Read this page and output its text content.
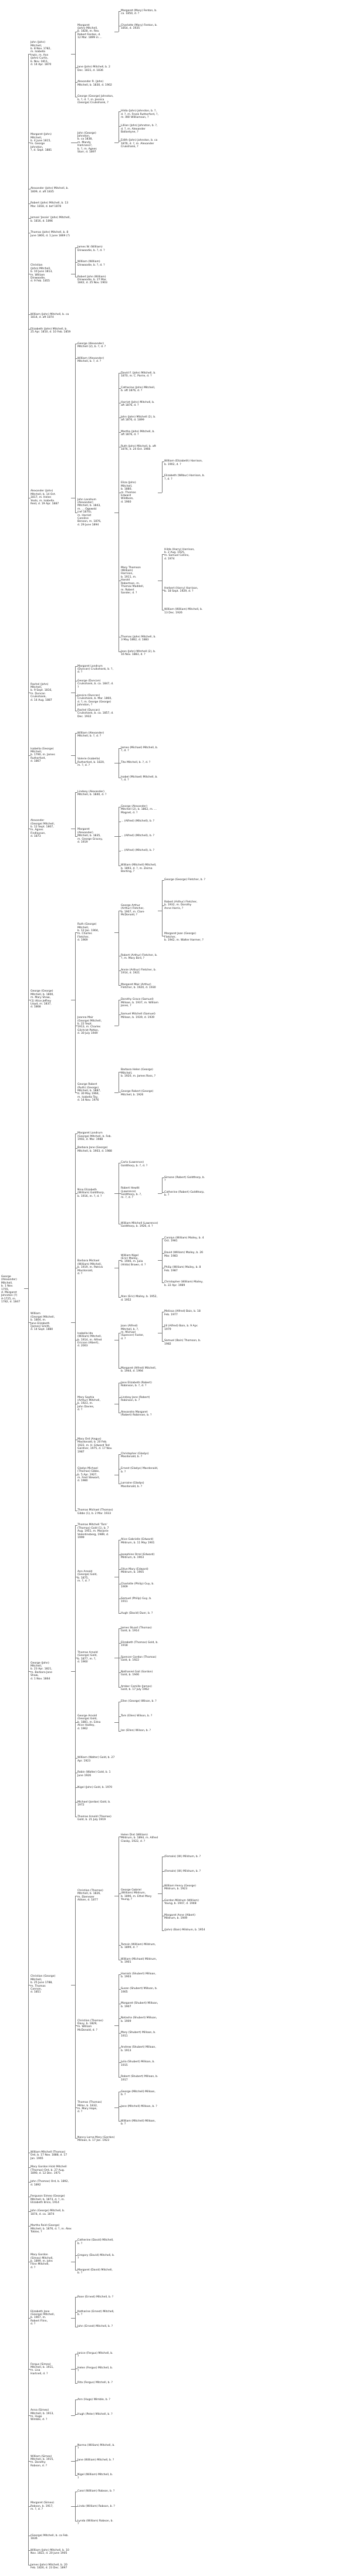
George (Alexander)
Mitchell,
b. 1 Nov.
1755,
d. Margaret
Johnston (?)
A-1725, m.
1782, d. 1847
John (John)
Mitchell,
b. 8 Nov. 1782,
m. Isabella
Irwin, m. Ann
(John) Curtis,
b. Nov. 1811,
d. 14 Apr. 1870
Margaret
(John) Mitchell,
b. 1828, m. Rev.
Robert Fenton, d.
12 Mar. 1899 in ...
Margaret (Mary) Fenton, b. ca. 1850, d. ?
Charlotte (Mary) Fenton, b. 1854, d. 1935
Jane (John) Mitchell, b. 2 Dec. 1831, d. 1836
Alexander R. (John) Mitchell, b. 1830, d. 1902
George (George) Johnston, b. ?, d. ?, m. Jessica (George) Cruikshank, ?
Margaret (John)
Mitchell,
b. 4 June 1815,
m. George
Johnston,
?, d. Sept. 1881
John (George)
Johnston,
b. ca 1838,
m. Mandy
Harkness?,
b. ?, m. Agnes
Starr, d. 1897
Hilda (John) Johnston, b. ?, d. ?, m. Frank Rutherford, ?, m. Will Williamson, ?
Lillian (John) Johnston, b. ?, d. ?, m. Alexander Ballantyne, ?
Edith (John) Johnston, b. ca 1876, d. ?, m. Alexander Crukshank, ?
Alexander (John) Mitchell, b. 1809, d. aft 1835
Robert (John) Mitchell, b. 13 Mar. 1818, d. bef 1878
Jemsel 'Jessie' (John) Mitchell, b. 1816, d. 1896
Thomas (John) Mitchell, b. 8 June 1800, d. 1 June 1869 (?)
Christian
(John) Mitchell,
b. 10 June 1813,
m. William
Dinwoodie,
d. 9 Feb. 1855
James W. (William) Dinwoodie, b. ?, d. ?
William (William) Dinwoodie, b. ?, d. ?
Robert John (William) Dinwoodie, b. 27 Mar. 1842, d. 25 Nov. 1903
William (John) Mitchell, b. ca 1814, d. aft 1874
Elizabeth (John) Mitchell, b. 25 Apr. 1810, d. 10 Feb. 1859
Alexander (John)
Mitchell, b. 14 Oct.
1817, m. Helen
Yeats, m. Isabella
Reid, d. 19 Apr. 1887
George (Alexander) Mitchell (2), b. ?, d. ?
William (Alexander) Mitchell, b. ?, d. ?
John Landrum
(Alexander)
Mitchell, b. 1843,
m. ... Ogowski
(ref 1870),
m. Harriet
Caroline
Benson, m. 1876,
d. 29 June 1894
David F. (John) Mitchell, b. 1870, m. C. Parrie, d. ?
Catharine (John) Mitchell, b. aft 1876, d. ?
Harriet (John) Mitchell, b. aft 1876, d. ?
John (John) Mitchell (2), b. aft 1876, d. 1899
Martha (John) Mitchell, b. aft 1876, d. ?
Ruth (John) Mitchell, b. aft 1876, d. 24 Oct. 1966
Eliza (John)
Mitchell,
b. 1880,
m. Thomas
Edward
Wildbore,
d. 1960
William (Elizabeth) Harrison, b. 1902, d. ?
Elizabeth (Wilbur) Harrison, b. ?, d. ?
Mary Thomson
(William)
Harrison,
b. 1911, m.
Harold
Robertson, m.
Thomas Maddell,
m. Robert
Sander, d. ?
Hilda (Harry) Harrison,
b. 2 Aug. 1925,
m. Samuel Collins,
d. 1974
Herbert (Harry) Harrison,
b. 18 Sept. 1929, d. ?
William (William) Mitchell, b. 13 Dec. 1926
Thomas (John) Mitchell, b. 3 May 1882, d. 1883
Jean (John) Mitchell (2), b. 16 Nov. 1883, d. ?
Rachel (John)
Mitchell,
b. 9 Sept. 1816,
m. Duncan
Cruikshank,
d. 14 Aug. 1887
Margaret Landrum (Duncan) Cruikshank, b. ?, d. ?
George (Duncan) Cruikshank, b. ca. 1847, d. ?
Jessica (Duncan) Cruikshank, b. Mar. 1860, d. ?, m. George (George) Johnston, ?
Rachel (Duncan) Cruikshank, b. ca. 1857, d. Dec. 1932
Isabella (George)
Mitchell,
b. 1790, m. James
Rutherford,
d. 1867
William (Alexander) Mitchell, b. ?, d. ?
Valerie (Isabella)
Rutherford, b. 1820,
m. ?, d. ?
James (Michael) Mitchell, b. ?, d. ?
Tito Mitchell, b. ?, d. ?
Isabel (Michael) Mitchell, b. ?, d. ?
Alexander
(George) Mitchell,
b. 12 Sept. 1807,
m. Agnes
Findlayson,
d. 1873
Lindsey (Alexander) Mitchell, b. 1840, d. ?
Margaret
(Alexander)
Mitchell, b. 1835,
m. George Gracey,
d. 1919
George (Alexander) Mitchell (2), b. 1862, m. ... Magnet, d. ?
... (Alfred) (Mitchell), b. ?
... (Alfred) (Mitchell), b. ?
... (Alfred) (Mitchell), b. ?
William (Mitchell) Mitchell, b. 1893, d. ?, m. Zeima Banting, ?
George (George)
Mitchell, b. 1800,
m. Mary Shaw,
(1) Alice Jeffrey
Lloyd, m. 1837,
d. 1868
Ruth (George)
Mitchell,
b. 12 Jan. 1904,
m. Charles
Fletcher,
d. 1969
George Arthur
(Arthur) Fletcher,
b. 1907, m. Clare
McDonald, ?
George (George) Fletcher, b. ?
Robert (Arthur) Fletcher,
b. 1932, m. Dorothy
Anne Harris, ?
Margaret Joan (George) Fletcher,
b. 1942, m. Walter Harmer, ?
Robert (Arthur) Fletcher, b. ?, m. Mary Bird, ?
Annie (Arthur) Fletcher, b. 1914, d. 1921
Margaret Mair (Arthur) Fletcher, b. 1920, d. 1930
Joanna Mair
(George) Mitchell,
b. 22 Sept.
1913, m. Charles
Gilchrist Patton,
d. 30 July 1949
Dorothy Grace (Samuel) Milloan, b. 1937, m. William Jones, ?
Samuel Mitchell (Samuel) Milloan, b. 1939, d. 1939
George Robert
(Ruth) (George)
Mitchell, b. 1887,
d. 30 May 1964,
m. Isabella Toy,
d. 14 Nov. 1976
Barbara Helen (George) Mitchell,
b. 1920, m. James Ross, ?
George Robert (George) Mitchell, b. 1926
William
(George) Mitchell,
b. 1804, m.
Jane Elizabeth
(James) Smith,
d. 14 Sept. 1880
Margaret Landrum (George) Mitchell, b. Feb. 1902, d. Mar. 1988
Barbara Jane (George) Mitchell, b. 1903, d. 1988
Nina Elizabeth
(William) Goldthorp,
b. 1916, m. ?, d. ?
Carla (Lawrence) Goldthorp, b. ?, d. ?
Robert Hewitt
(Lawrence)
Goldthorp, b. ?,
m. ?, d. ?
Simone (Robert) Goldthorp, b. ?
Catherine (Robert) Goldthorp, b. ?
William Mitchell (Lawrence) Goldthorp, b. 1926, d. ?
Barbara Michael
(William) Mitchell,
b. 1919, m. Patrick
Macdonald,
d. ?
William Nigel
(Eric) Mailey,
b. 1946, m. Julia
(Hilda) Brown, d. ?
Carolyn (William) Mailey, b. 4 Oct. 1981
David (William) Mailey, b. 26 Mar. 1983
Philip (William) Mailey, b. 8 Feb. 1987
Christopher (William) Mailey, b. 22 Apr. 1989
Alan (Eric) Mailey, b. 1952, d. 1952
Isabella Ida
(William) Mitchell,
b. 1914, m. Alfred
Ericson (Albert),
d. 2003
Joan (Alfred)
Mitchell, b. ?,
m. Michael
(Spencer) Foster,
d. ?
Melissa (Alfred) Bain, b. 18 Feb. 1977
Jill (Alfred) Bain, b. 9 Apr. 1979
Samuel (Bain) Thomson, b. 1982
Margaret (Alfred) Mitchell, b. 1944, d. 1994
Mary Sophia
(Arthur) Mitchell,
b. 1923, m.
John Davies,
d. ?
Jane Elizabeth (Robert) Robinson, b. ?, d. ?
Lindsay Jane (Robert) Robinson, b. ?
Alexandra Margaret (Robert) Robinson, b. ?
Mary Ord (Angus) Macdonald, b. 20 Feb. 1922, m. H. Edward Ted Gardner, 1975, d. 17 Nov. 1987
Gladys Michael
(Thomas) Gibbs,
b. 5 Apr. 1927,
m. Fred Stewart,
d. 1980
Christopher (Gladys) Macdonald, b. ?
Ernest (Gladys) Macdonald, b. ?
Lorraine (Gladys) Macdonald, b. ?
Thomas Michael (Thomas) Gibbs (1), b. 2 Mar. 1933
George (John)
Mitchell,
b. 23 Apr. 1821,
m. Barbara Jane
Shaw,
d. 1 Nov. 1864
Thomas Mitchell 'Tom' (Thomas) Gold (1), b. 7 Aug. 1951, m. Marjorie Valentinsberg, 1989, d. 1999
Ann Arnold
(George) Gold,
b. 1875,
m. ?, d. ?
Alice Gabrielle (Edward) Mildrum, b. 11 May 1901
Josephine Orrel (Edward) Mildrum, b. 1903
Olive Mary (Edward) Mildrum, b. 1905
Charlotte (Philip) Guy, b. 1909
Samuel (Philip) Guy, b. 1911
Hugh (David) Duer, b. ?
Thomas Arnold
(George) Gold,
b. 1877, m. ?,
d. 1960
James Stuart (Thomas) Gold, b. 1914
Elizabeth (Thomas) Gold, b. 1918
Spencer Gordon (Thomas) Gold, b. 1922
Nathaniel Gail (Gordon) Gold, b. 1946
Amber Camille (James) Gold, b. 17 July 1962
George Arnold
(George) Gold,
b. 1881, m. Edna
Alice Hadley,
d. 1962
Ellen (George) Wilson, b. ?
Tom (Ellen) Wilson, b. ?
Ian (Ellen) Wilson, b. ?
William (Walter) Gold, b. 27 Apr. 1923
Robin (Walter) Gold, b. 1 June 1926
Nigel (John) Gold, b. 1970
Michael (Jordan) Gold, b. 1972
Thomas Arnold (Thomas) Gold, b. 21 July 1919
Christian (George)
Mitchell,
b. 25 June 1788,
m. Thomas
Cannon,
d. 1851
Christian (Thomas)
Mitchell, b. 1826,
m. Ebenezer
Aitken, d. 1877
Helen Dixt (William) Mildrum, b. 1894, m. Alfred
Clasby, 1922, d. ?
George Gabriel
(William) Mildrum,
b. 1896, m. Ethel Mary Young, ?
(Female) (W.) Mildrum, b. ?
(Female) (W.) Mildrum, b. ?
William Henry (George) Mildrum, b. 1923
Gordon Mildrum (William) Young, b. 1947, d. 1948
Margaret Anne (Albert) Mildrum, b. 1949
(John) (Bain) Mildrum, b. 1954
Tamsin (William) Mildrum, b. 1899, d. ?
William (Michael) Mildrum, b. 1901
Christian (Thomas)
Davy, b. 1829,
m. William
McDonald, d. ?
Hamish (Shubert) Milloan, b. 1903
Susan (Shubert) Milloan, b. 1905
Margaret (Shubert) Milloan, b. 1907
Natasha (Shubert) Milloan, b. 1909
Mary (Shubert) Milloan, b. 1911
Andrew (Shubert) Milloan, b. 1913
Julia (Shubert) Milloan, b. 1915
Robert (Shubert) Milloan, b. 1917
Thomas (Thomas)
Millar, b. 1832,
m. Mary Hope,
d. ?
George (Mitchell) Milloan, b. ?
Jane (Mitchell) Milloan, b. ?
William (Mitchell) Milloan, b. ?
Nancy Lorna Mary (Gordon) Milloan, b. 17 Jan. 1923
William Mitchell (Thomas) Ord, b. 17 Nov. 1888, d. 17 Jan. 1965
Mary Gordon Hickl Mitchell (Thomas) Ord, b. 27 Aug. 1890, d. 12 Dec. 1971
John (Thomas) Ord, b. 1892, d. 1892
Ferguson Simeo (George) Mitchell, b. 1873, d. ?, m. Elizabeth Brice, 1914
John (George) Mitchell, b. 1874, d. ca. 1874
Martha Reid (George) Mitchell, b. 1876, d. ?, m. Alex Tobias, ?
Mary Gordon
(Simeo) Mitchell,
b. 1899, m. John
Flinn Mitchell,
d. ?
Catherine (David) Mitchell, b. ?
Gregory (David) Mitchell, b. ?
Margaret (David) Mitchell, b. ?
Elizabeth Jane
(George) Mitchell,
b. 1907, m.
Robert Flinn,
d. ?
Rose (Ernest) Mitchell, b. ?
Katharine (Ernest) Mitchell, b. ?
John (Ernest) Mitchell, b. ?
Fergus (Simeo)
Mitchell, b. 1911,
m. Lisa
Hartnell, d. ?
Janice (Fergus) Mitchell, b. ?
Helen (Fergus) Mitchell, b. ?
Rita (Fergus) Mitchell, b. ?
Anna (Simeo)
Mitchell, b. 1913,
m. Hugo
Wimble, d. ?
Ann (Hugo) Wimble, b. ?
Hugh (Peter) Mitchell, b. ?
William (Simeo)
Mitchell, b. 1915,
m. Dorothy
Robson, d. ?
Norma (William) Mitchell, b. ?
Jane (William) Mitchell, b. ?
Nigel (William) Mitchell, b. ?
Margaret (Simeo)
Robson, b. 1917,
m. ?, d. ?
Carol (William) Robson, b. ?
Linda (William) Robson, b. ?
Lynda (William) Robson, b. ?
(George) Mitchell, b. ca Feb. 1836
William (John) Mitchell, b. 10 Nov. 1822, d. 20 June 1905
James (John) Mitchell, b. 20 Feb. 1826, d. 23 Dec. 1897
